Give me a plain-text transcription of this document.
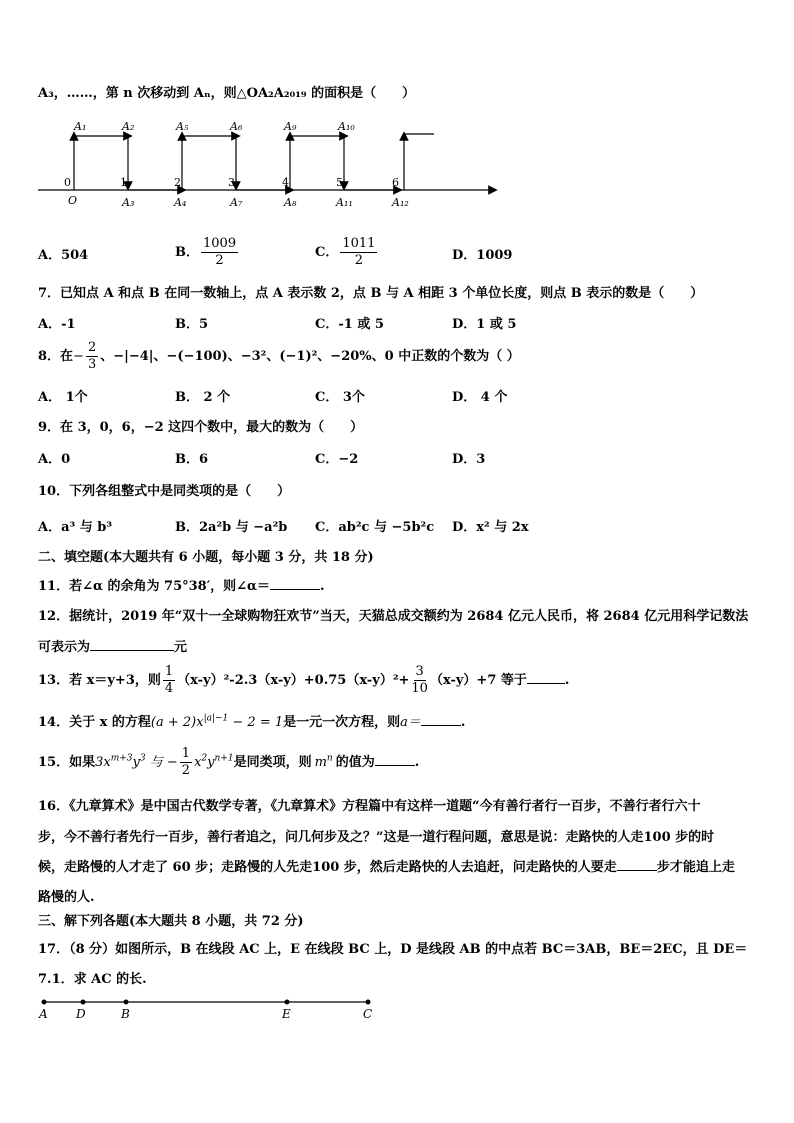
A₃，……，第 n 次移动到 Aₙ，则△OA₂A₂₀₁₉ 的面积是（　　）
A₁	A₂	A₅	A₆	A₉	A₁₀
0	1	2	3	4	5	6
O	A₃	A₄	A₇	A₈	A₁₁	A₁₂
A．504	B． $\frac{1009}{2}$	C． $\frac{1011}{2}$	D．1009
7．已知点 A 和点 B 在同一数轴上，点 A 表示数 2，点 B 与 A 相距 3 个单位长度，则点 B 表示的数是（　　）
A．-1	B．5	C．-1 或 5	D．1 或 5
8．在− $\frac{2}{3}$ 、−|−4|、−(−100)、−3²、(−1)²、−20%、0 中正数的个数为（ ）
A． 1个	B． 2 个	C． 3个	D． 4 个
9．在 3，0，6，−2 这四个数中，最大的数为（　　）
A．0	B．6	C．−2	D．3
10．下列各组整式中是同类项的是（　　）
A．a³ 与 b³	B．2a²b 与 −a²b C．ab²c 与 −5b²c D．x² 与 2x
二、填空题(本大题共有 6 小题，每小题 3 分，共 18 分)
11．若∠α 的余角为 75°38′，则∠α＝	.
12．据统计，2019 年“双十一全球购物狂欢节”当天，天猫总成交额约为 2684 亿元人民币，将 2684 亿元用科学记数法
可表示为	元
13．若 x＝y+3，则 $\frac{1}{4} (x-y)^2-2.3(x-y)+0.75(x-y)^2+ \frac{3}{10} (x-y)+7$ 等于	.
14．关于 x 的方程$(a + 2)x^{|a|-1} - 2 = 1$是一元一次方程，则a＝	.
15．如果$3x^{m+3}y^3$ 与 − $\frac{1}{2} x^2y^{n+1}$是同类项，则 $m^n$ 的值为	.
16．《九章算术》是中国古代数学专著，《九章算术》方程篇中有这样一道题“今有善行者行一百步，不善行者行六十
步，今不善行者先行一百步，善行者追之，问几何步及之？”这是一道行程问题，意思是说：走路快的人走100 步的时
候，走路慢的人才走了 60 步；走路慢的人先走100 步，然后走路快的人去追赶，问走路快的人要走	步才能追上走
路慢的人.
三、解下列各题(本大题共 8 小题，共 72 分)
17．（8 分）如图所示，B 在线段 AC 上，E 在线段 BC 上，D 是线段 AB 的中点若 BC＝3AB，BE＝2EC，且 DE＝
7.1．求 AC 的长.
A D	B	E	C
